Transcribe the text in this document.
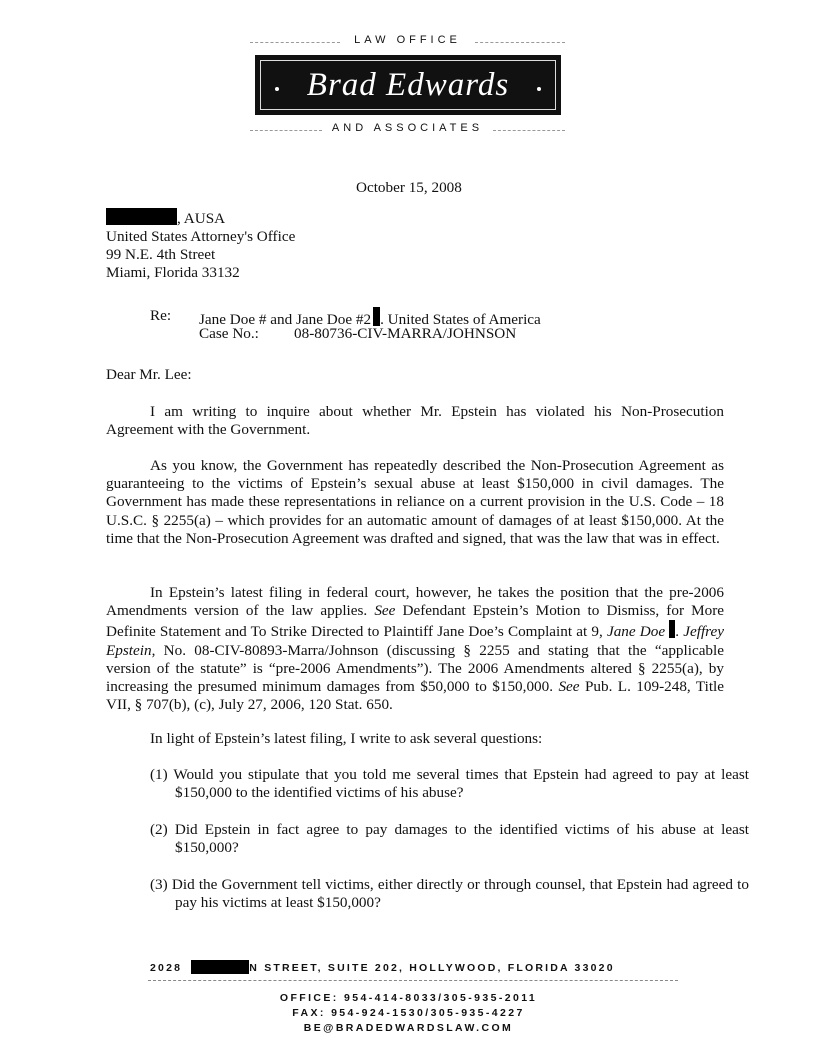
LAW OFFICE
Brad Edwards
AND ASSOCIATES
October 15, 2008
, AUSA
United States Attorney's Office
99 N.E. 4th Street
Miami, Florida 33132
Re: Jane Doe # and Jane Doe #2 . United States of America
Case No.: 08-80736-CIV-MARRA/JOHNSON
Dear Mr. Lee:
I am writing to inquire about whether Mr. Epstein has violated his Non-Prosecution Agreement with the Government.
As you know, the Government has repeatedly described the Non-Prosecution Agreement as guaranteeing to the victims of Epstein’s sexual abuse at least $150,000 in civil damages. The Government has made these representations in reliance on a current provision in the U.S. Code – 18 U.S.C. § 2255(a) – which provides for an automatic amount of damages of at least $150,000. At the time that the Non-Prosecution Agreement was drafted and signed, that was the law that was in effect.
In Epstein’s latest filing in federal court, however, he takes the position that the pre-2006 Amendments version of the law applies. See Defendant Epstein’s Motion to Dismiss, for More Definite Statement and To Strike Directed to Plaintiff Jane Doe’s Complaint at 9, Jane Doe . Jeffrey Epstein, No. 08-CIV-80893-Marra/Johnson (discussing § 2255 and stating that the “applicable version of the statute” is “pre-2006 Amendments”). The 2006 Amendments altered § 2255(a), by increasing the presumed minimum damages from $50,000 to $150,000. See Pub. L. 109-248, Title VII, § 707(b), (c), July 27, 2006, 120 Stat. 650.
In light of Epstein’s latest filing, I write to ask several questions:
(1) Would you stipulate that you told me several times that Epstein had agreed to pay at least $150,000 to the identified victims of his abuse?
(2) Did Epstein in fact agree to pay damages to the identified victims of his abuse at least $150,000?
(3) Did the Government tell victims, either directly or through counsel, that Epstein had agreed to pay his victims at least $150,000?
2028	N STREET, SUITE 202, HOLLYWOOD, FLORIDA 33020
OFFICE: 954-414-8033/305-935-2011
FAX: 954-924-1530/305-935-4227
BE@BRADEDWARDSLAW.COM
